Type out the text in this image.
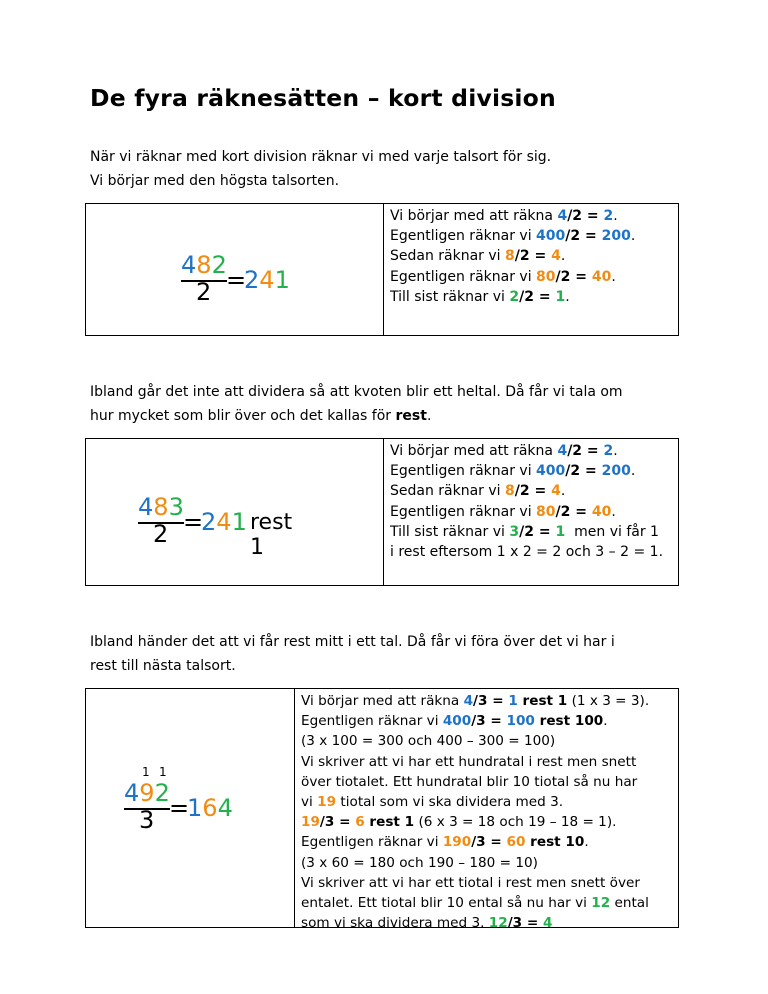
De fyra räknesätten – kort division
När vi räknar med kort division räknar vi med varje talsort för sig.
Vi börjar med den högsta talsorten.
482
2 =
241
Vi börjar med att räkna 4/2 = 2.
Egentligen räknar vi 400/2 = 200.
Sedan räknar vi 8/2 = 4.
Egentligen räknar vi 80/2 = 40.
Till sist räknar vi 2/2 = 1.
Ibland går det inte att dividera så att kvoten blir ett heltal. Då får vi tala om
hur mycket som blir över och det kallas för rest.
483
2 =
241 rest 1
Vi börjar med att räkna 4/2 = 2.
Egentligen räknar vi 400/2 = 200.
Sedan räknar vi 8/2 = 4.
Egentligen räknar vi 80/2 = 40.
Till sist räknar vi 3/2 = 1  men vi får 1
i rest eftersom 1 x 2 = 2 och 3 – 2 = 1.
Ibland händer det att vi får rest mitt i ett tal. Då får vi föra över det vi har i
rest till nästa talsort.
1 1
492
3 =
164
Vi börjar med att räkna 4/3 = 1 rest 1 (1 x 3 = 3).
Egentligen räknar vi 400/3 = 100 rest 100.
(3 x 100 = 300 och 400 – 300 = 100)
Vi skriver att vi har ett hundratal i rest men snett
över tiotalet. Ett hundratal blir 10 tiotal så nu har
vi 19 tiotal som vi ska dividera med 3.
19/3 = 6 rest 1 (6 x 3 = 18 och 19 – 18 = 1).
Egentligen räknar vi 190/3 = 60 rest 10.
(3 x 60 = 180 och 190 – 180 = 10)
Vi skriver att vi har ett tiotal i rest men snett över
entalet. Ett tiotal blir 10 ental så nu har vi 12 ental
som vi ska dividera med 3. 12/3 = 4
